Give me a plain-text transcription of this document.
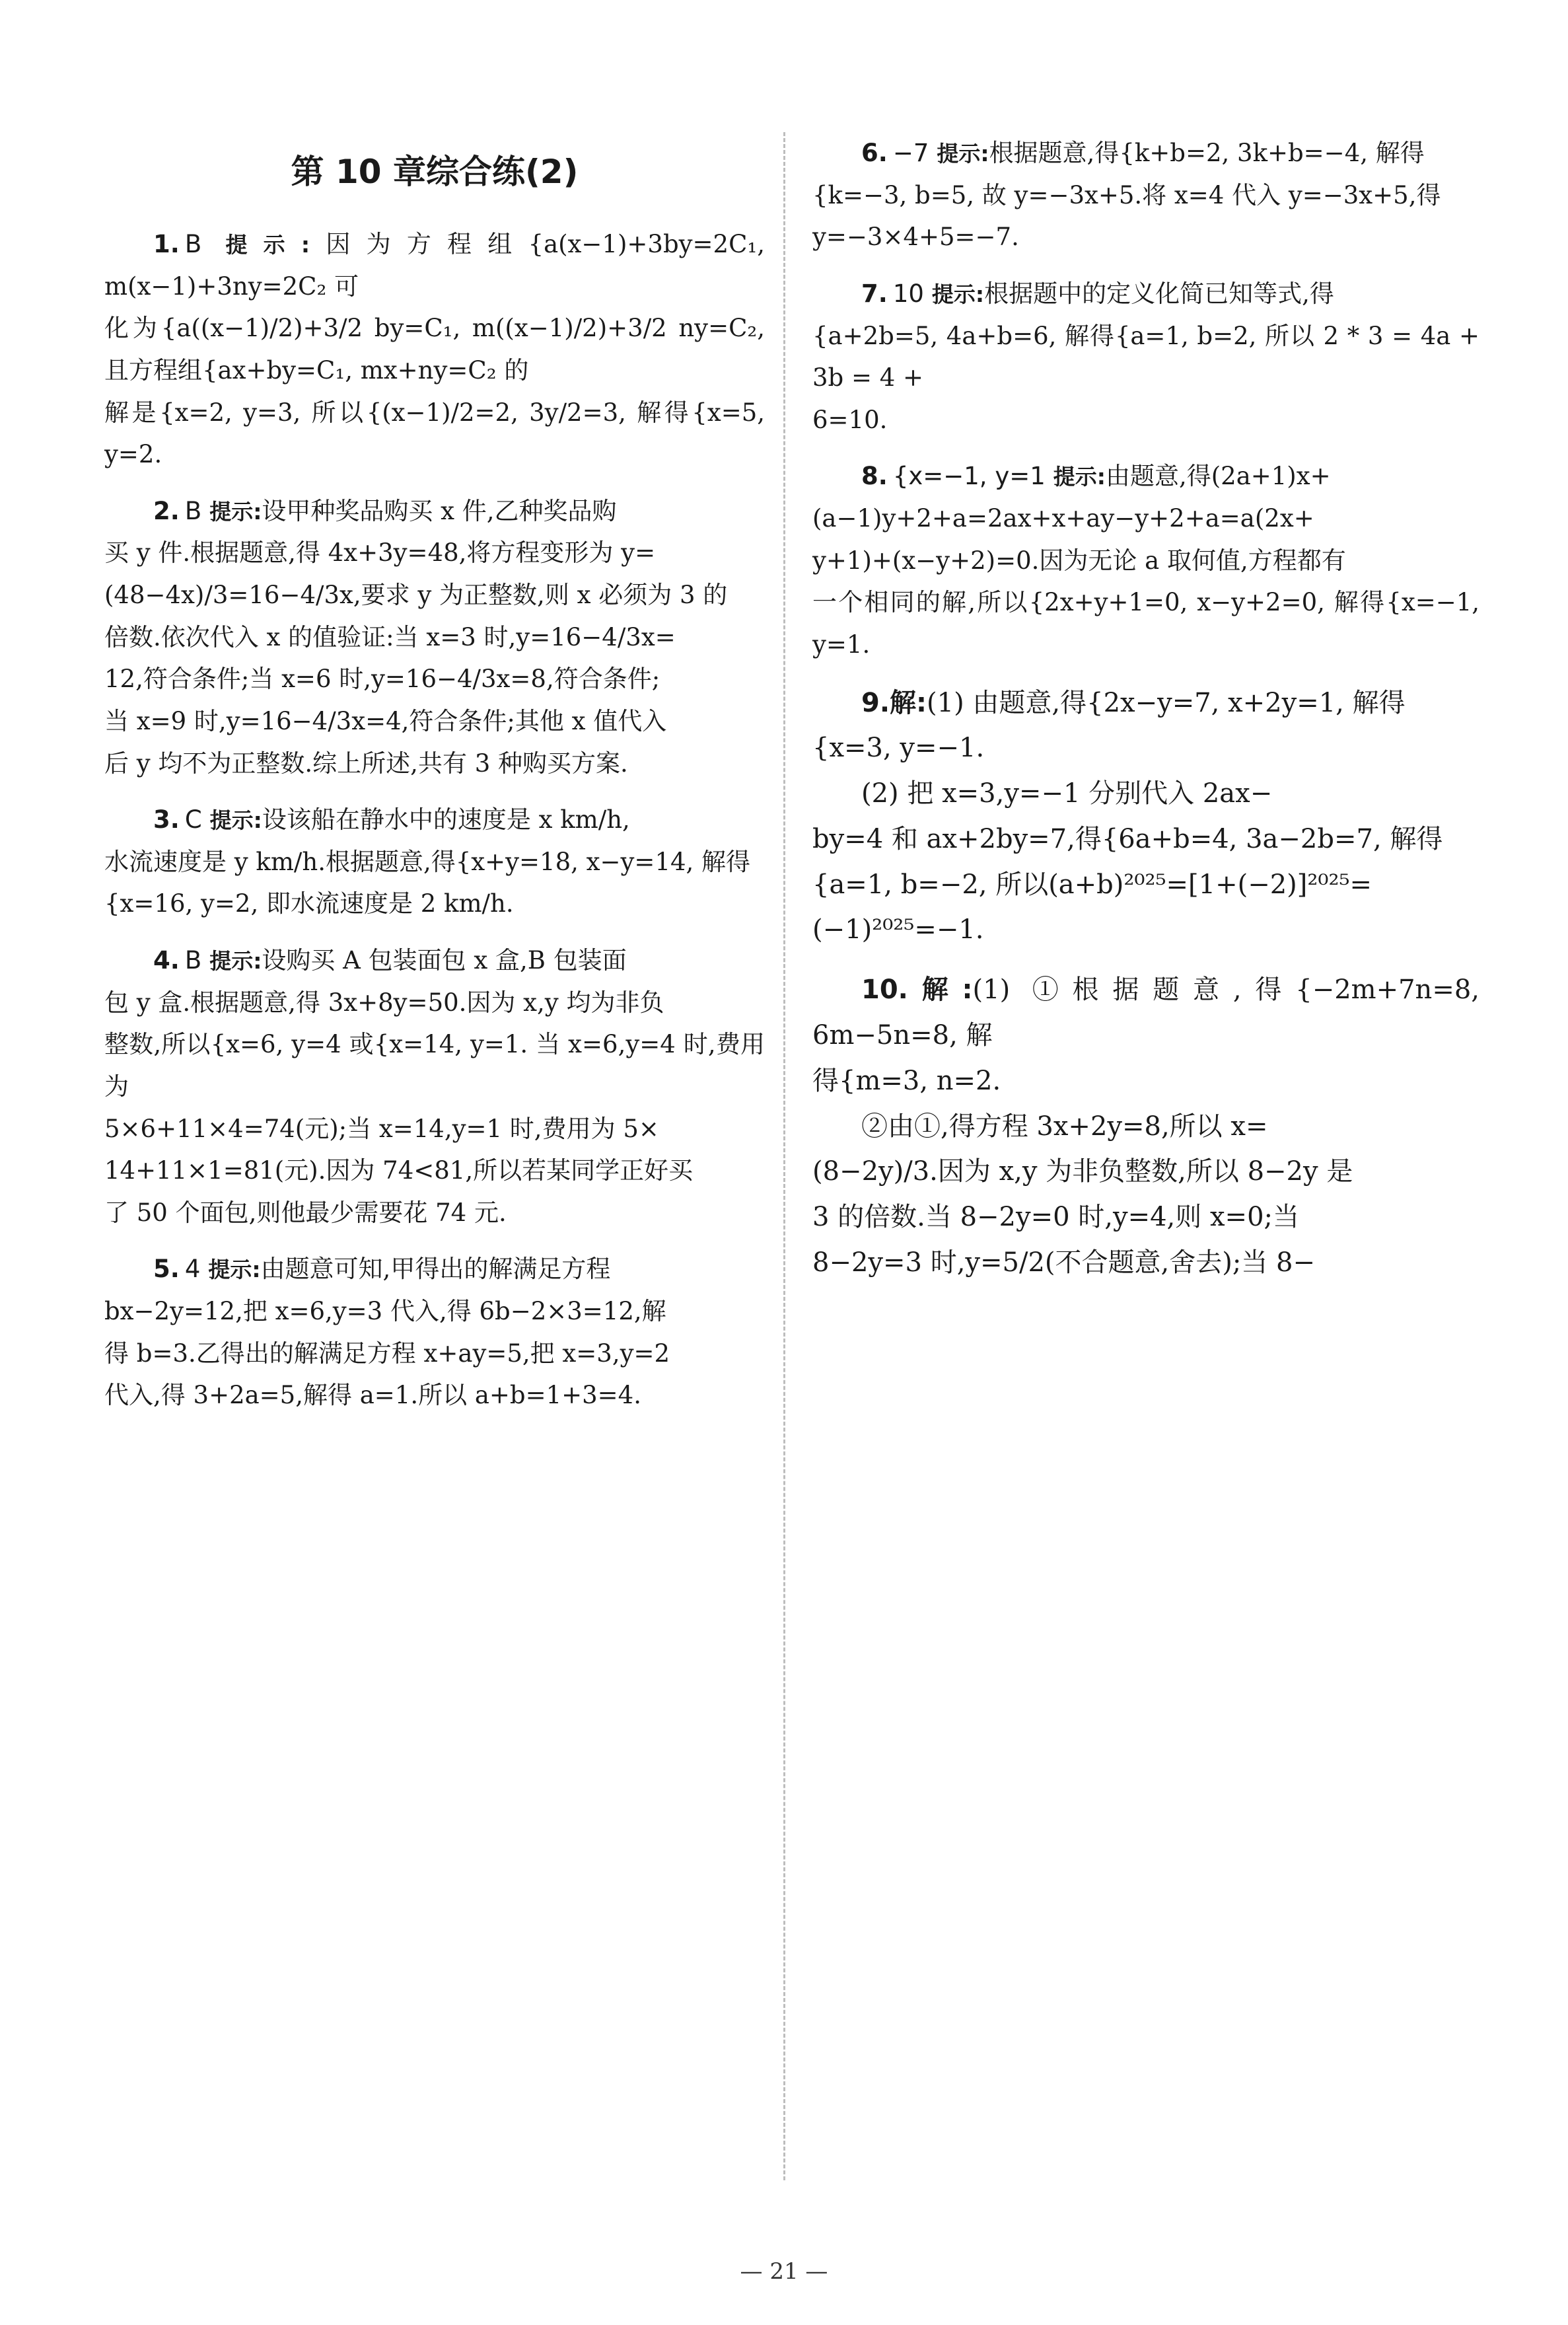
第 10 章综合练(2)
1. B 提示:因为方程组{a(x−1)+3by=2C₁, m(x−1)+3ny=2C₂ 可
化为{a((x−1)/2)+3/2 by=C₁, m((x−1)/2)+3/2 ny=C₂, 且方程组{ax+by=C₁, mx+ny=C₂ 的
解是{x=2, y=3, 所以{(x−1)/2=2, 3y/2=3, 解得{x=5, y=2.
2. B 提示:设甲种奖品购买 x 件,乙种奖品购
买 y 件.根据题意,得 4x+3y=48,将方程变形为 y=
(48−4x)/3=16−4/3x,要求 y 为正整数,则 x 必须为 3 的
倍数.依次代入 x 的值验证:当 x=3 时,y=16−4/3x=
12,符合条件;当 x=6 时,y=16−4/3x=8,符合条件;
当 x=9 时,y=16−4/3x=4,符合条件;其他 x 值代入
后 y 均不为正整数.综上所述,共有 3 种购买方案.
3. C 提示:设该船在静水中的速度是 x km/h,
水流速度是 y km/h.根据题意,得{x+y=18, x−y=14, 解得
{x=16, y=2, 即水流速度是 2 km/h.
4. B 提示:设购买 A 包装面包 x 盒,B 包装面
包 y 盒.根据题意,得 3x+8y=50.因为 x,y 均为非负
整数,所以{x=6, y=4 或{x=14, y=1. 当 x=6,y=4 时,费用为
5×6+11×4=74(元);当 x=14,y=1 时,费用为 5×
14+11×1=81(元).因为 74<81,所以若某同学正好买
了 50 个面包,则他最少需要花 74 元.
5. 4 提示:由题意可知,甲得出的解满足方程
bx−2y=12,把 x=6,y=3 代入,得 6b−2×3=12,解
得 b=3.乙得出的解满足方程 x+ay=5,把 x=3,y=2
代入,得 3+2a=5,解得 a=1.所以 a+b=1+3=4.
6. −7 提示:根据题意,得{k+b=2, 3k+b=−4, 解得
{k=−3, b=5, 故 y=−3x+5.将 x=4 代入 y=−3x+5,得
y=−3×4+5=−7.
7. 10 提示:根据题中的定义化简已知等式,得
{a+2b=5, 4a+b=6, 解得{a=1, b=2, 所以 2 * 3 = 4a + 3b = 4 +
6=10.
8. {x=−1, y=1 提示:由题意,得(2a+1)x+
(a−1)y+2+a=2ax+x+ay−y+2+a=a(2x+
y+1)+(x−y+2)=0.因为无论 a 取何值,方程都有
一个相同的解,所以{2x+y+1=0, x−y+2=0, 解得{x=−1, y=1.
9.解:(1) 由题意,得{2x−y=7, x+2y=1, 解得
{x=3, y=−1.
(2) 把 x=3,y=−1 分别代入 2ax−
by=4 和 ax+2by=7,得{6a+b=4, 3a−2b=7, 解得
{a=1, b=−2, 所以(a+b)²⁰²⁵=[1+(−2)]²⁰²⁵=
(−1)²⁰²⁵=−1.
10.解:(1) ①根据题意,得{−2m+7n=8, 6m−5n=8, 解
得{m=3, n=2.
②由①,得方程 3x+2y=8,所以 x=
(8−2y)/3.因为 x,y 为非负整数,所以 8−2y 是
3 的倍数.当 8−2y=0 时,y=4,则 x=0;当
8−2y=3 时,y=5/2(不合题意,舍去);当 8−
— 21 —
